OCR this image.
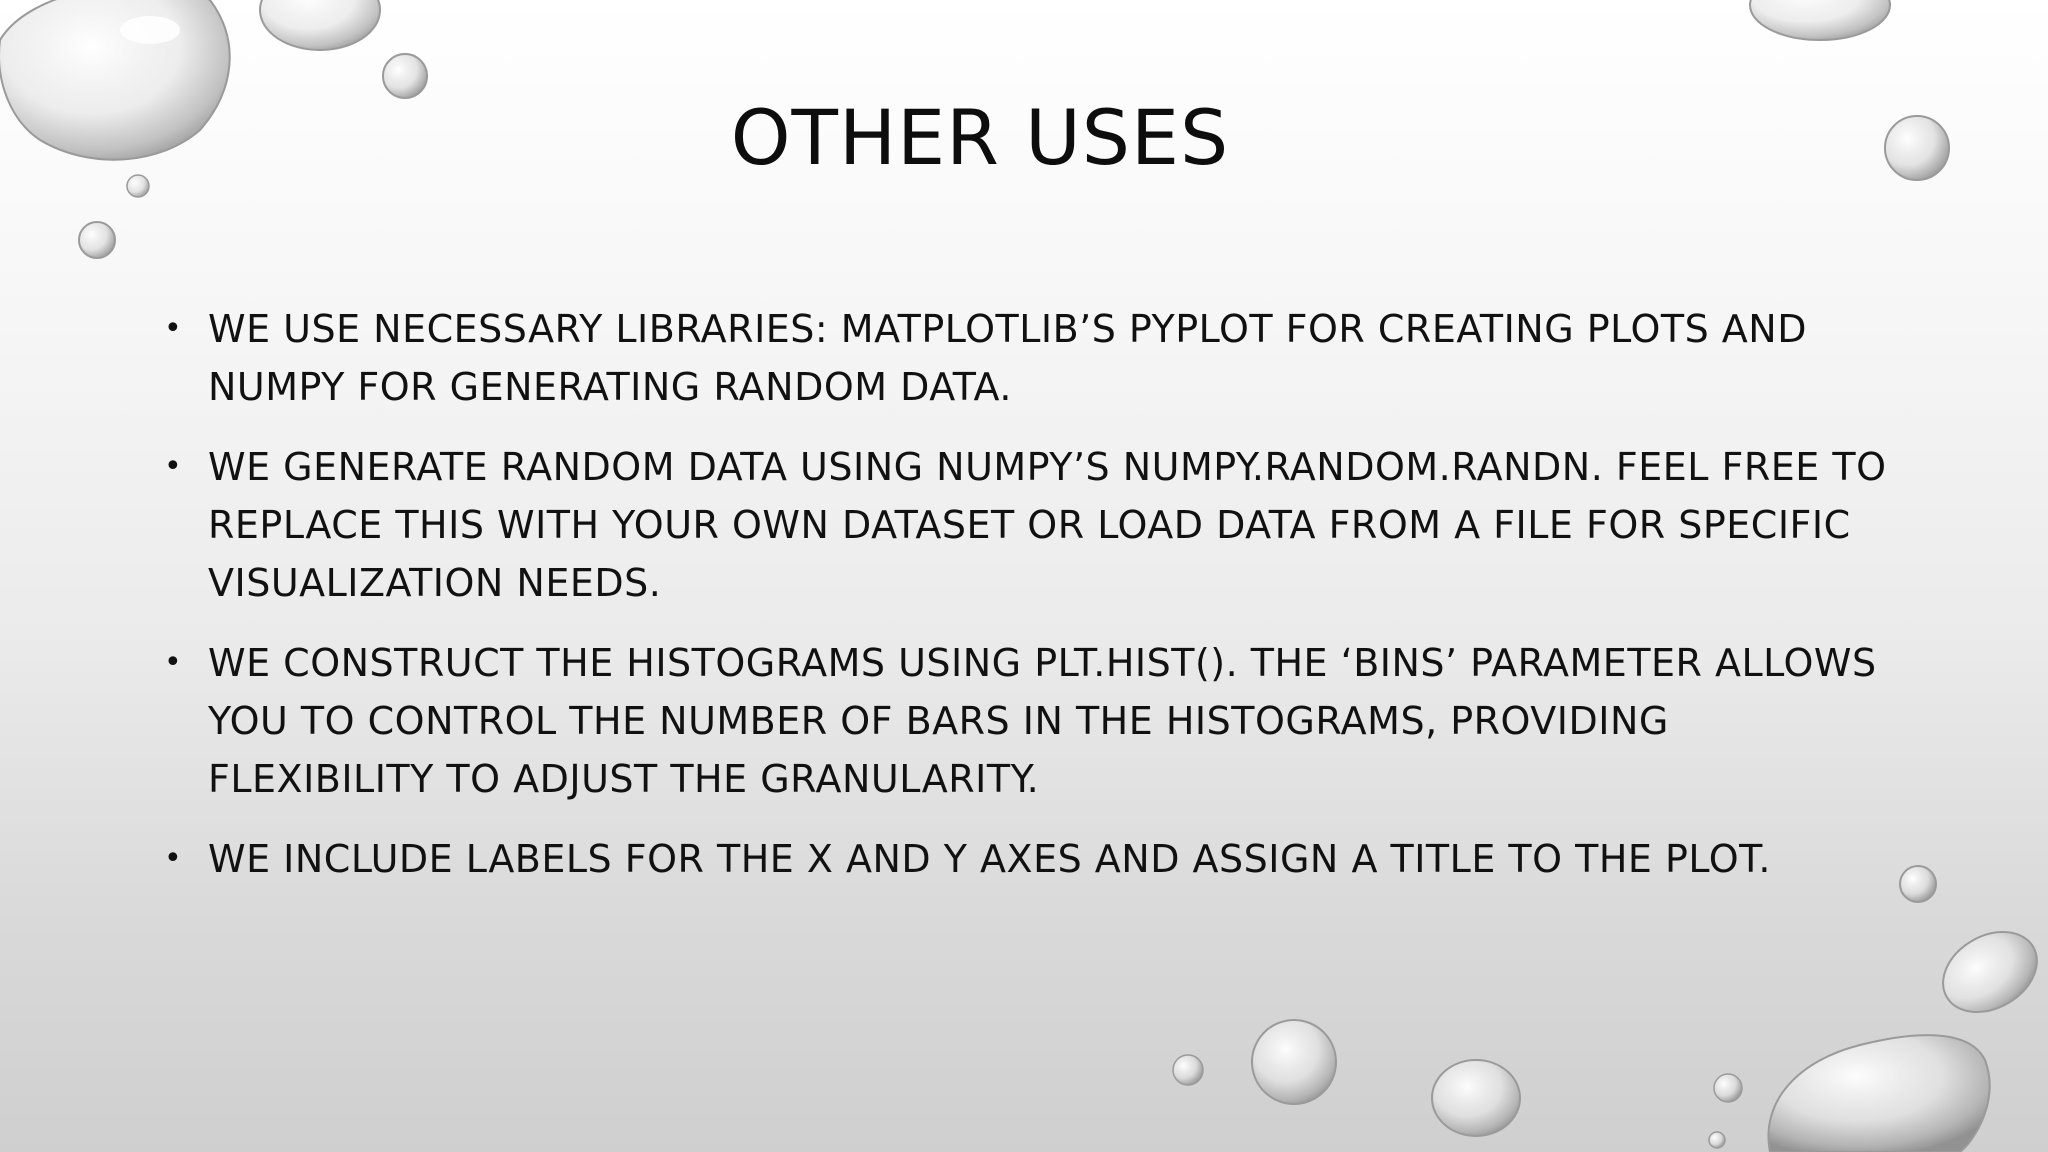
OTHER USES
• WE USE NECESSARY LIBRARIES: MATPLOTLIB’S PYPLOT FOR CREATING PLOTS AND NUMPY FOR GENERATING RANDOM DATA.
• WE GENERATE RANDOM DATA USING NUMPY’S NUMPY.RANDOM.RANDN. FEEL FREE TO REPLACE THIS WITH YOUR OWN DATASET OR LOAD DATA FROM A FILE FOR SPECIFIC VISUALIZATION NEEDS.
• WE CONSTRUCT THE HISTOGRAMS USING PLT.HIST(). THE ‘BINS’ PARAMETER ALLOWS YOU TO CONTROL THE NUMBER OF BARS IN THE HISTOGRAMS, PROVIDING FLEXIBILITY TO ADJUST THE GRANULARITY.
• WE INCLUDE LABELS FOR THE X AND Y AXES AND ASSIGN A TITLE TO THE PLOT.
